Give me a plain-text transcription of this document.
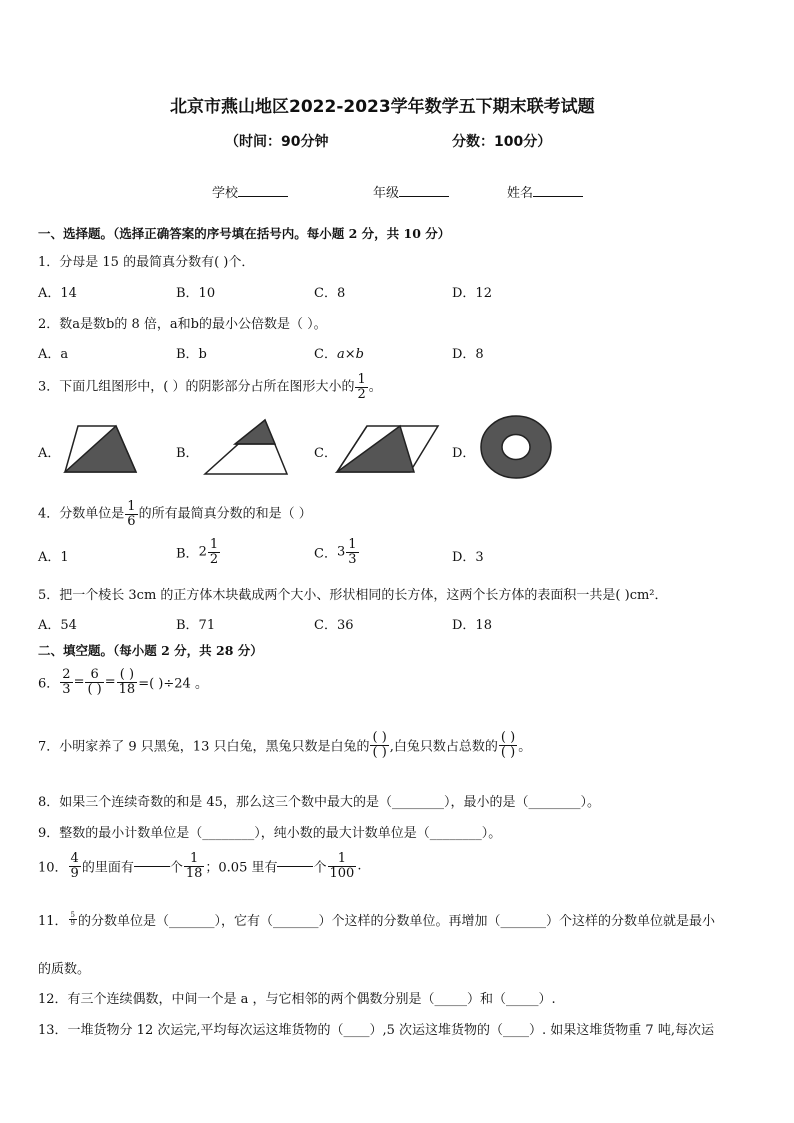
北京市燕山地区2022-2023学年数学五下期末联考试题
（时间：90分钟	分数：100分）
学校	年级	姓名
一、选择题。（选择正确答案的序号填在括号内。每小题 2 分，共 10 分）
1．分母是 15 的最简真分数有( )个．
A．14	B．10	C．8	D．12
2．数a是数b的 8 倍，a和b的最小公倍数是（ ）。
A．a	B．b	C．a×b	D．8
3．下面几组图形中，( ）的阴影部分占所在图形大小的 $\frac{1}{2}$ 。
A．	B．	C．	D．
4．分数单位是 $\frac{1}{6}$ 的所有最简真分数的和是（ ）
A．1	B．$2 \frac{1}{2}$	C．$3 \frac{1}{3}$	D．3
5．把一个棱长 3cm 的正方体木块截成两个大小、形状相同的长方体，这两个长方体的表面积一共是( )cm²．
A．54	B．71	C．36	D．18
二、填空题。（每小题 2 分，共 28 分）
6． $\frac{2}{3} = \frac{6}{( )} = \frac{( )}{18}$ =( )÷24 。
7．小明家养了 9 只黑兔，13 只白兔，黑兔只数是白兔的 $\frac{( )}{( )}$ ,白兔只数占总数的 $\frac{( )}{( )}$ 。
8．如果三个连续奇数的和是 45，那么这三个数中最大的是（________），最小的是（________）。
9．整数的最小计数单位是（________），纯小数的最大计数单位是（________）。
10． $\frac{4}{9}$ 的里面有	个 $\frac{1}{18}$ ；0.05 里有	个 $\frac{1}{100}$ .
11． $\frac{5}{9}$ 的分数单位是（_______），它有（_______）个这样的分数单位。再增加（_______）个这样的分数单位就是最小
的质数。
12．有三个连续偶数，中间一个是 a ，与它相邻的两个偶数分别是（_____）和（_____）.
13．一堆货物分 12 次运完,平均每次运这堆货物的（____）,5 次运这堆货物的（____）. 如果这堆货物重 7 吨,每次运
